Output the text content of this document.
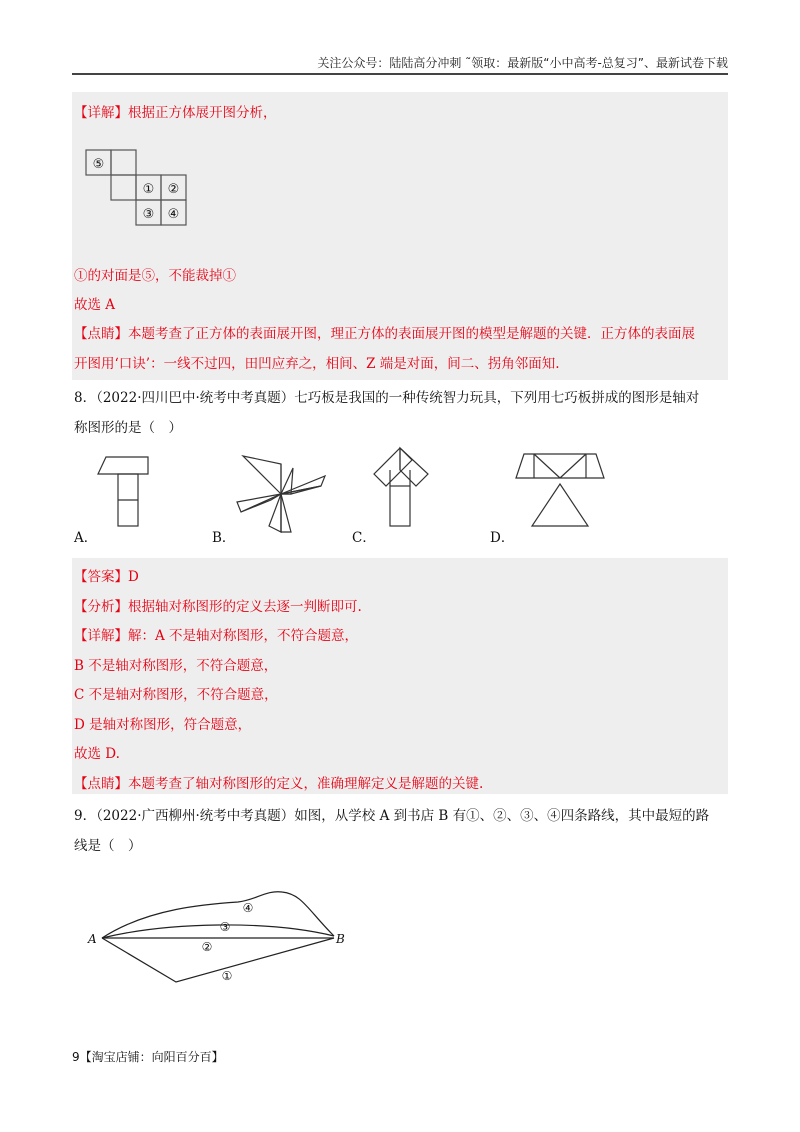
关注公众号：陆陆高分冲刺 ˜领取：最新版“小中高考-总复习”、最新试卷下载
【详解】根据正方体展开图分析，
⑤
① ②
③ ④
①的对面是⑤，不能裁掉①
故选 A
【点睛】本题考查了正方体的表面展开图，理正方体的表面展开图的模型是解题的关键．正方体的表面展
开图用‘口诀’：一线不过四，田凹应弃之，相间、Z 端是对面，间二、拐角邻面知.
8．（2022·四川巴中·统考中考真题）七巧板是我国的一种传统智力玩具，下列用七巧板拼成的图形是轴对
称图形的是（　）
A．	B．	C．	D．
【答案】D
【分析】根据轴对称图形的定义去逐一判断即可.
【详解】解：A 不是轴对称图形，不符合题意，
B 不是轴对称图形，不符合题意，
C 不是轴对称图形，不符合题意，
D 是轴对称图形，符合题意，
故选 D.
【点睛】本题考查了轴对称图形的定义，准确理解定义是解题的关键.
9．（2022·广西柳州·统考中考真题）如图，从学校 A 到书店 B 有①、②、③、④四条路线，其中最短的路
线是（　）
A	B
④
③
②
①
9【淘宝店铺：向阳百分百】
